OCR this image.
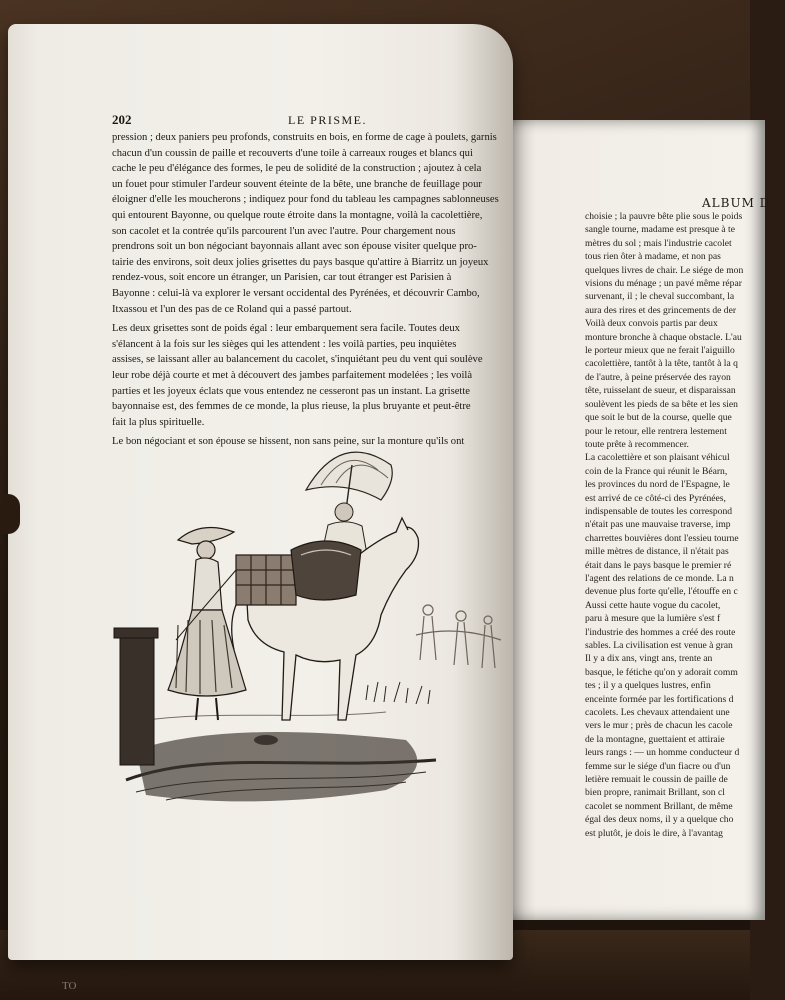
TO
ALBUM D
choisie ; la pauvre bête plie sous le poids
sangle tourne, madame est presque à te
mètres du sol ; mais l'industrie cacolet
tous rien ôter à madame, et non pas
quelques livres de chair. Le siége de mon
visions du ménage ; un pavé même répar
survenant, il ; le cheval succombant, la
aura des rires et des grincements de der
Voilà deux convois partis par deux
monture bronche à chaque obstacle. L'au
le porteur mieux que ne ferait l'aiguillo
cacolettière, tantôt à la tête, tantôt à la q
de l'autre, à peine préservée des rayon
tête, ruisselant de sueur, et disparaissan
soulèvent les pieds de sa bête et les sien
que soit le but de la course, quelle que
pour le retour, elle rentrera lestement
toute prête à recommencer.
La cacolettière et son plaisant véhicul
coin de la France qui réunit le Béarn,
les provinces du nord de l'Espagne, le
est arrivé de ce côté-ci des Pyrénées,
indispensable de toutes les correspond
n'était pas une mauvaise traverse, imp
charrettes bouvières dont l'essieu tourne
mille mètres de distance, il n'était pas
était dans le pays basque le premier ré
l'agent des relations de ce monde. La n
devenue plus forte qu'elle, l'étouffe en c
Aussi cette haute vogue du cacolet,
paru à mesure que la lumière s'est f
l'industrie des hommes a créé des route
sables. La civilisation est venue à gran
Il y a dix ans, vingt ans, trente an
basque, le fétiche qu'on y adorait comm
tes ; il y a quelques lustres, enfin
enceinte formée par les fortifications d
cacolets. Les chevaux attendaient une
vers le mur ; près de chacun les cacole
de la montagne, guettaient et attiraie
leurs rangs : — un homme conducteur d
femme sur le siége d'un fiacre ou d'un
letière remuait le coussin de paille de
bien propre, ranimait Brillant, son cl
cacolet se nomment Brillant, de même
égal des deux noms, il y a quelque cho
est plutôt, je dois le dire, à l'avantag
202	LE PRISME.
pression ; deux paniers peu profonds, construits en bois, en forme de cage à poulets, garnis
chacun d'un coussin de paille et recouverts d'une toile à carreaux rouges et blancs qui
cache le peu d'élégance des formes, le peu de solidité de la construction ; ajoutez à cela
un fouet pour stimuler l'ardeur souvent éteinte de la bête, une branche de feuillage pour
éloigner d'elle les moucherons ; indiquez pour fond du tableau les campagnes sablonneuses
qui entourent Bayonne, ou quelque route étroite dans la montagne, voilà la cacolettière,
son cacolet et la contrée qu'ils parcourent l'un avec l'autre. Pour chargement nous
prendrons soit un bon négociant bayonnais allant avec son épouse visiter quelque pro-
tairie des environs, soit deux jolies grisettes du pays basque qu'attire à Biarritz un joyeux
rendez-vous, soit encore un étranger, un Parisien, car tout étranger est Parisien à
Bayonne : celui-là va explorer le versant occidental des Pyrénées, et découvrir Cambo,
Itxassou et l'un des pas de ce Roland qui a passé partout.
Les deux grisettes sont de poids égal : leur embarquement sera facile. Toutes deux
s'élancent à la fois sur les sièges qui les attendent : les voilà parties, peu inquiètes
assises, se laissant aller au balancement du cacolet, s'inquiétant peu du vent qui soulève
leur robe déjà courte et met à découvert des jambes parfaitement modelées ; les voilà
parties et les joyeux éclats que vous entendez ne cesseront pas un instant. La grisette
bayonnaise est, des femmes de ce monde, la plus rieuse, la plus bruyante et peut-être
fait la plus spirituelle.
Le bon négociant et son épouse se hissent, non sans peine, sur la monture qu'ils ont
